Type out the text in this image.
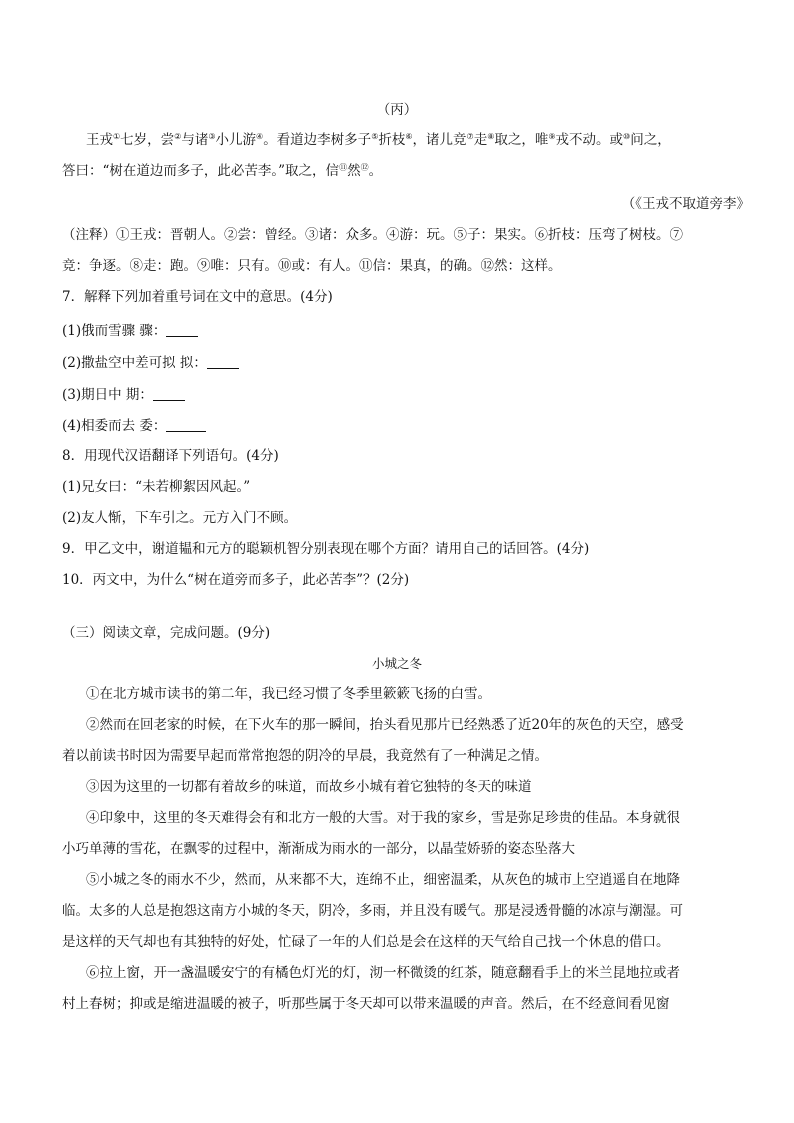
（丙）
王戎①七岁，尝②与诸③小儿游④。看道边李树多子⑤折枝⑥，诸儿竞⑦走⑧取之，唯⑨戎不动。或⑩问之，
答曰：“树在道边而多子，此必苦李。”取之，信⑪然⑫。
（《王戎不取道旁李》
（注释）①王戎：晋朝人。②尝：曾经。③诸：众多。④游：玩。⑤子：果实。⑥折枝：压弯了树枝。⑦
竞：争逐。⑧走：跑。⑨唯：只有。⑩或：有人。⑪信：果真，的确。⑫然：这样。
7．解释下列加着重号词在文中的意思。(4分)
(1)俄而雪骤 骤：
(2)撒盐空中差可拟 拟：
(3)期日中 期：
(4)相委而去 委：
8．用现代汉语翻译下列语句。(4分)
(1)兄女曰：“未若柳絮因风起。”
(2)友人惭，下车引之。元方入门不顾。
9．甲乙文中，谢道韫和元方的聪颖机智分别表现在哪个方面？请用自己的话回答。(4分)
10．丙文中，为什么“树在道旁而多子，此必苦李”？(2分)
（三）阅读文章，完成问题。(9分)
小城之冬
①在北方城市读书的第二年，我已经习惯了冬季里簌簌飞扬的白雪。
②然而在回老家的时候，在下火车的那一瞬间，抬头看见那片已经熟悉了近20年的灰色的天空，感受
着以前读书时因为需要早起而常常抱怨的阴冷的早晨，我竟然有了一种满足之情。
③因为这里的一切都有着故乡的味道，而故乡小城有着它独特的冬天的味道
④印象中，这里的冬天难得会有和北方一般的大雪。对于我的家乡，雪是弥足珍贵的佳品。本身就很
小巧单薄的雪花，在飘零的过程中，渐渐成为雨水的一部分，以晶莹娇骄的姿态坠落大
⑤小城之冬的雨水不少，然而，从来都不大，连绵不止，细密温柔，从灰色的城市上空逍遥自在地降
临。太多的人总是抱怨这南方小城的冬天，阴冷，多雨，并且没有暖气。那是浸透骨髓的冰凉与潮湿。可
是这样的天气却也有其独特的好处，忙碌了一年的人们总是会在这样的天气给自己找一个休息的借口。
⑥拉上窗，开一盏温暖安宁的有橘色灯光的灯，沏一杯微烫的红茶，随意翻看手上的米兰昆地拉或者
村上春树；抑或是缩进温暖的被子，听那些属于冬天却可以带来温暖的声音。然后，在不经意间看见窗
